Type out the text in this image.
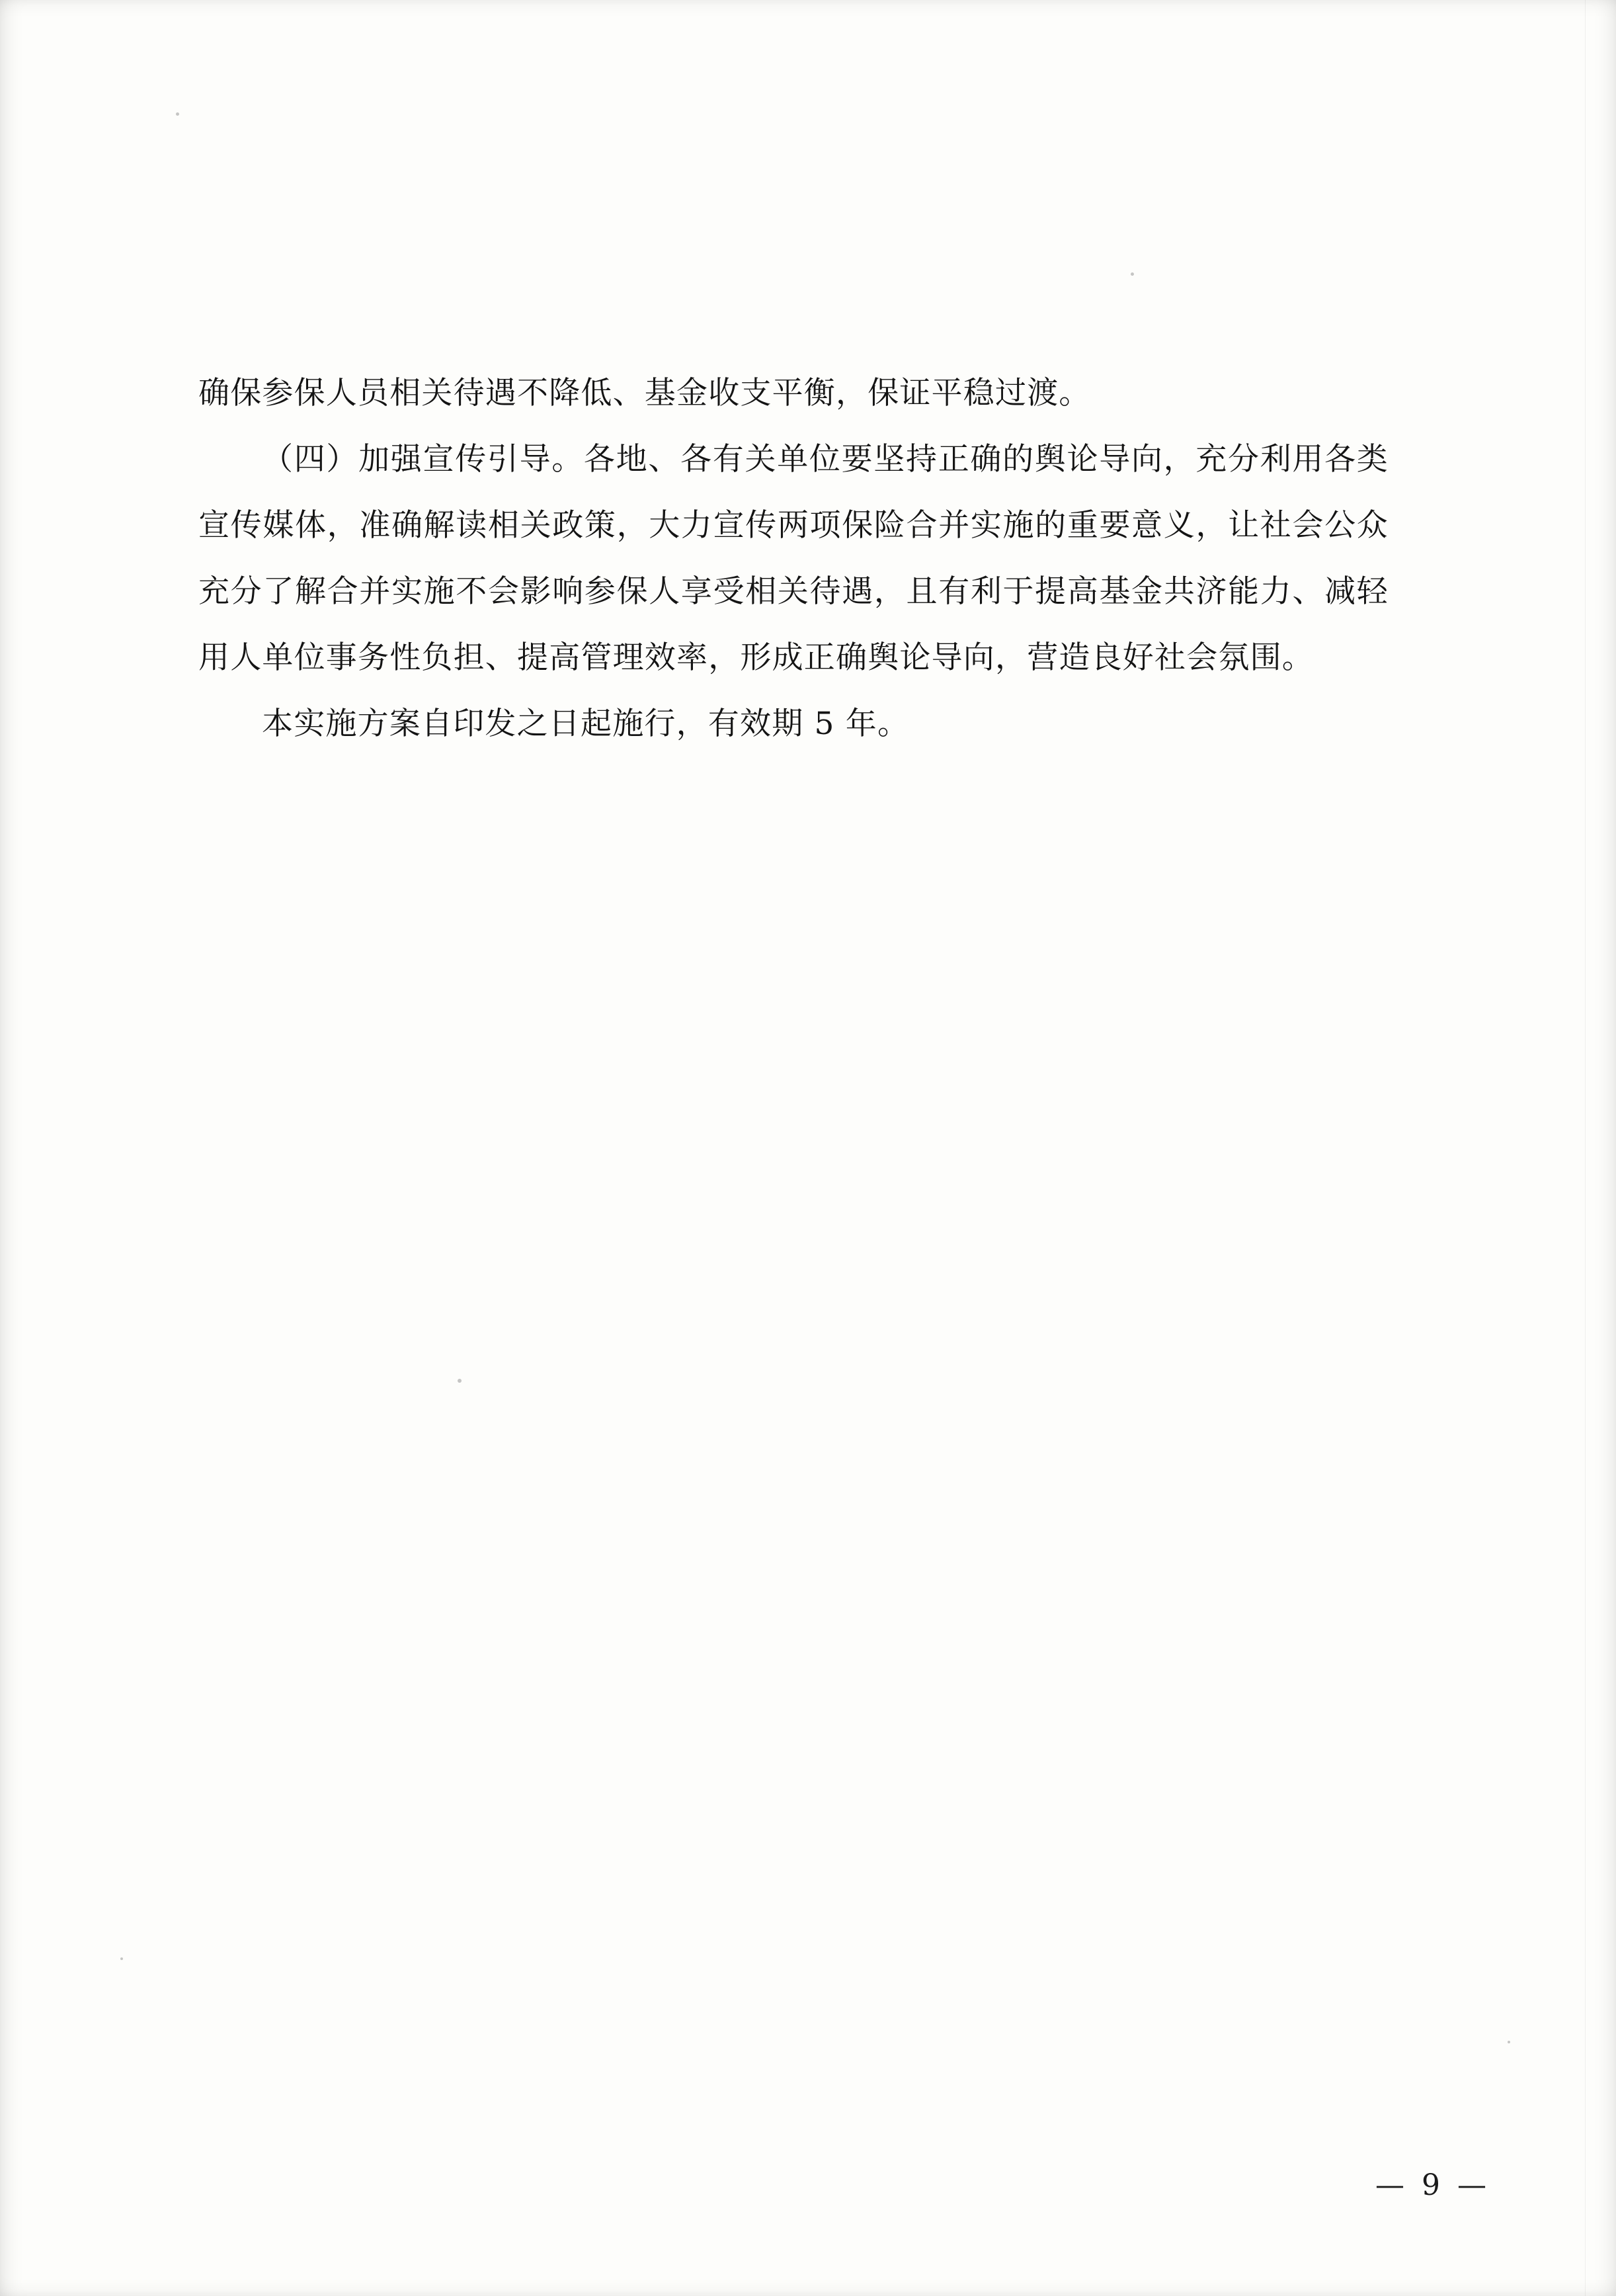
确保参保人员相关待遇不降低、基金收支平衡，保证平稳过渡。

（四）加强宣传引导。各地、各有关单位要坚持正确的舆论导向，充分利用各类宣传媒体，准确解读相关政策，大力宣传两项保险合并实施的重要意义，让社会公众充分了解合并实施不会影响参保人享受相关待遇，且有利于提高基金共济能力、减轻用人单位事务性负担、提高管理效率，形成正确舆论导向，营造良好社会氛围。

本实施方案自印发之日起施行，有效期 5 年。

— 9 —
